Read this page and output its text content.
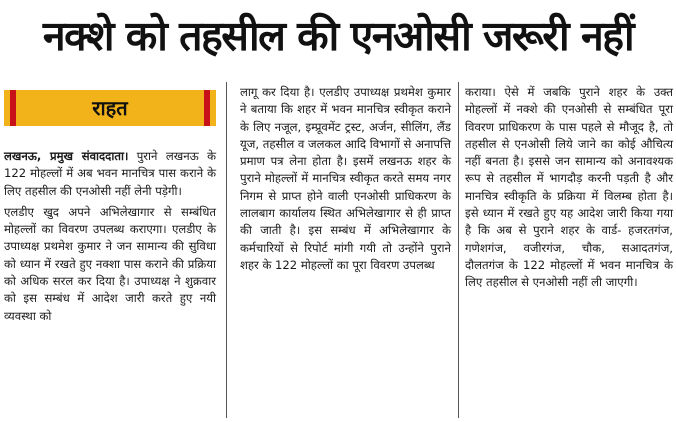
नक्शे को तहसील की एनओसी जरूरी नहीं
राहत

लखनऊ, प्रमुख संवाददाता। पुराने लखनऊ के 122 मोहल्लों में अब भवन मानचित्र पास कराने के लिए तहसील की एनओसी नहीं लेनी पड़ेगी।

एलडीए खुद अपने अभिलेखागार से सम्बंधित मोहल्लों का विवरण उपलब्ध कराएगा। एलडीए के उपाध्यक्ष प्रथमेश कुमार ने जन सामान्य की सुविधा को ध्यान में रखते हुए नक्शा पास कराने की प्रक्रिया को अधिक सरल कर दिया है। उपाध्यक्ष ने शुक्रवार को इस सम्बंध में आदेश जारी करते हुए नयी व्यवस्था को

लागू कर दिया है। एलडीए उपाध्यक्ष प्रथमेश कुमार ने बताया कि शहर में भवन मानचित्र स्वीकृत कराने के लिए नजूल, इम्प्रूवमेंट ट्रस्ट, अर्जन, सीलिंग, लैंड यूज, तहसील व जलकल आदि विभागों से अनापत्ति प्रमाण पत्र लेना होता है। इसमें लखनऊ शहर के पुराने मोहल्लों में मानचित्र स्वीकृत करते समय नगर निगम से प्राप्त होने वाली एनओसी प्राधिकरण के लालबाग कार्यालय स्थित अभिलेखागार से ही प्राप्त की जाती है। इस सम्बंध में अभिलेखागार के कर्मचारियों से रिपोर्ट मांगी गयी तो उन्होंने पुराने शहर के 122 मोहल्लों का पूरा विवरण उपलब्ध

कराया। ऐसे में जबकि पुराने शहर के उक्त मोहल्लों में नक्शे की एनओसी से सम्बंधित पूरा विवरण प्राधिकरण के पास पहले से मौजूद है, तो तहसील से एनओसी लिये जाने का कोई औचित्य नहीं बनता है। इससे जन सामान्य को अनावश्यक रूप से तहसील में भागदौड़ करनी पड़ती है और मानचित्र स्वीकृति के प्रक्रिया में विलम्ब होता है। इसे ध्यान में रखते हुए यह आदेश जारी किया गया है कि अब से पुराने शहर के वार्ड- हजरतगंज, गणेशगंज, वजीरगंज, चौक, सआदतगंज, दौलतगंज के 122 मोहल्लों में भवन मानचित्र के लिए तहसील से एनओसी नहीं ली जाएगी।
